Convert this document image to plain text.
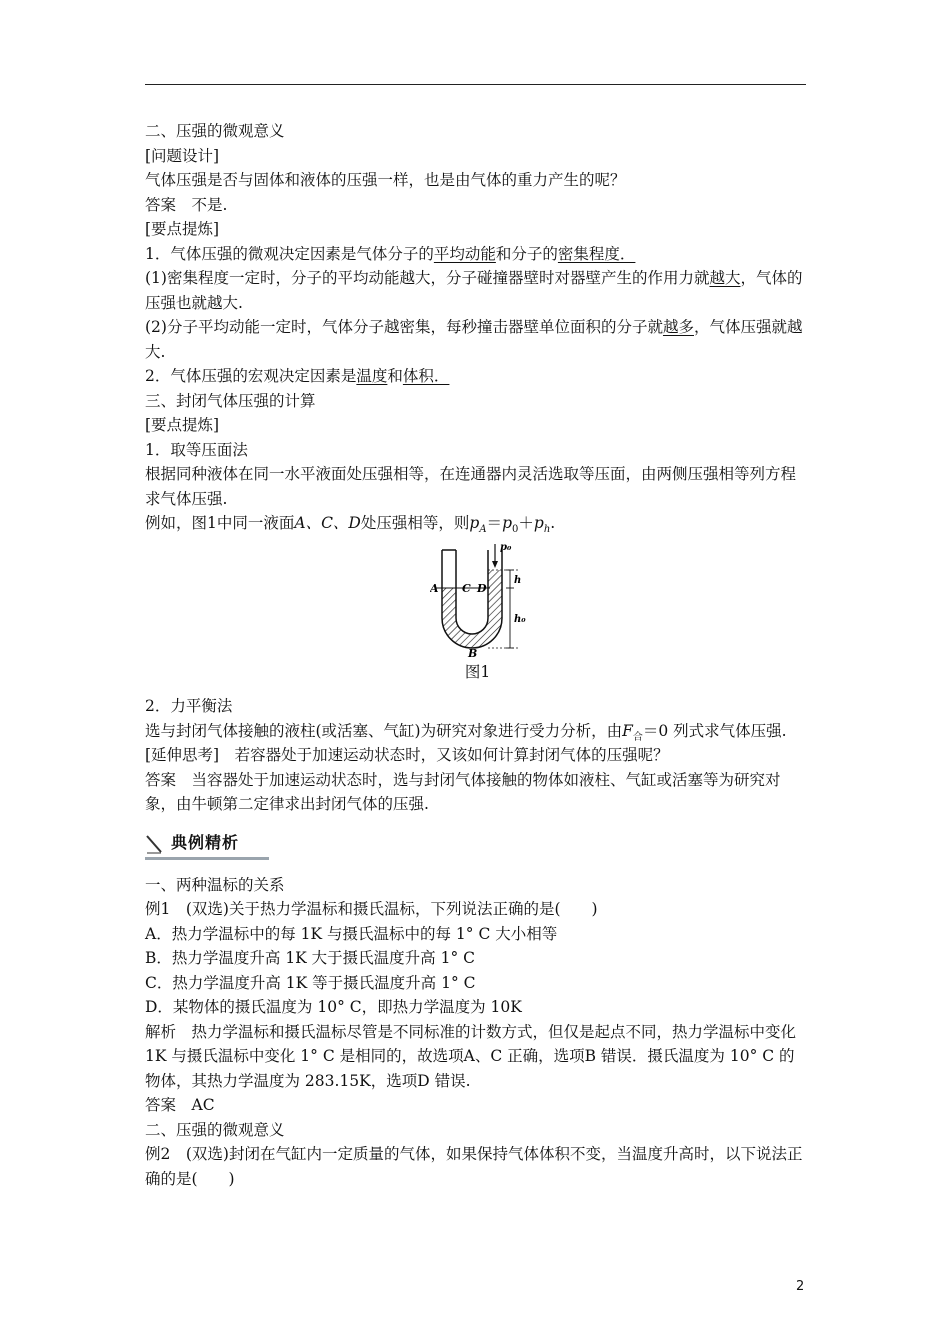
二、压强的微观意义

[问题设计]

气体压强是否与固体和液体的压强一样，也是由气体的重力产生的呢？

答案　 不是.

[要点提炼]

1．气体压强的微观决定因素是气体分子的平均动能和分子的密集程度．

(1)密集程度一定时，分子的平均动能越大，分子碰撞器壁时对器壁产生的作用力就越大，气体的压强也就越大.

(2)分子平均动能一定时，气体分子越密集，每秒撞击器壁单位面积的分子就越多，气体压强就越大.

2．气体压强的宏观决定因素是温度和体积．

三、封闭气体压强的计算

[要点提炼]

1．取等压面法

根据同种液体在同一水平液面处压强相等，在连通器内灵活选取等压面，由两侧压强相等列方程求气体压强.

例如，图1中同一液面A、C、D处压强相等，则$p_A=p_0+p_h$.

A C D
B
p₀
h
h₀
图1

2．力平衡法

选与封闭气体接触的液柱(或活塞、气缸)为研究对象进行受力分析，由$F_合=0$ 列式求气体压强.

[延伸思考]　 若容器处于加速运动状态时，又该如何计算封闭气体的压强呢？

答案　 当容器处于加速运动状态时，选与封闭气体接触的物体如液柱、气缸或活塞等为研究对象，由牛顿第二定律求出封闭气体的压强.

典例精析

一、两种温标的关系

例1　(双选)关于热力学温标和摄氏温标，下列说法正确的是(　　)

A．热力学温标中的每 1K 与摄氏温标中的每 1° C 大小相等

B．热力学温度升高 1K 大于摄氏温度升高 1° C

C．热力学温度升高 1K 等于摄氏温度升高 1° C

D．某物体的摄氏温度为 10° C，即热力学温度为 10K

解析　 热力学温标和摄氏温标尽管是不同标准的计数方式，但仅是起点不同，热力学温标中变化 1K 与摄氏温标中变化 1° C 是相同的，故选项A、C 正确，选项B 错误．摄氏温度为 10° C 的物体，其热力学温度为 283.15K，选项D 错误.

答案　 AC

二、压强的微观意义

例2　(双选)封闭在气缸内一定质量的气体，如果保持气体体积不变，当温度升高时，以下说法正确的是(　　)

2
